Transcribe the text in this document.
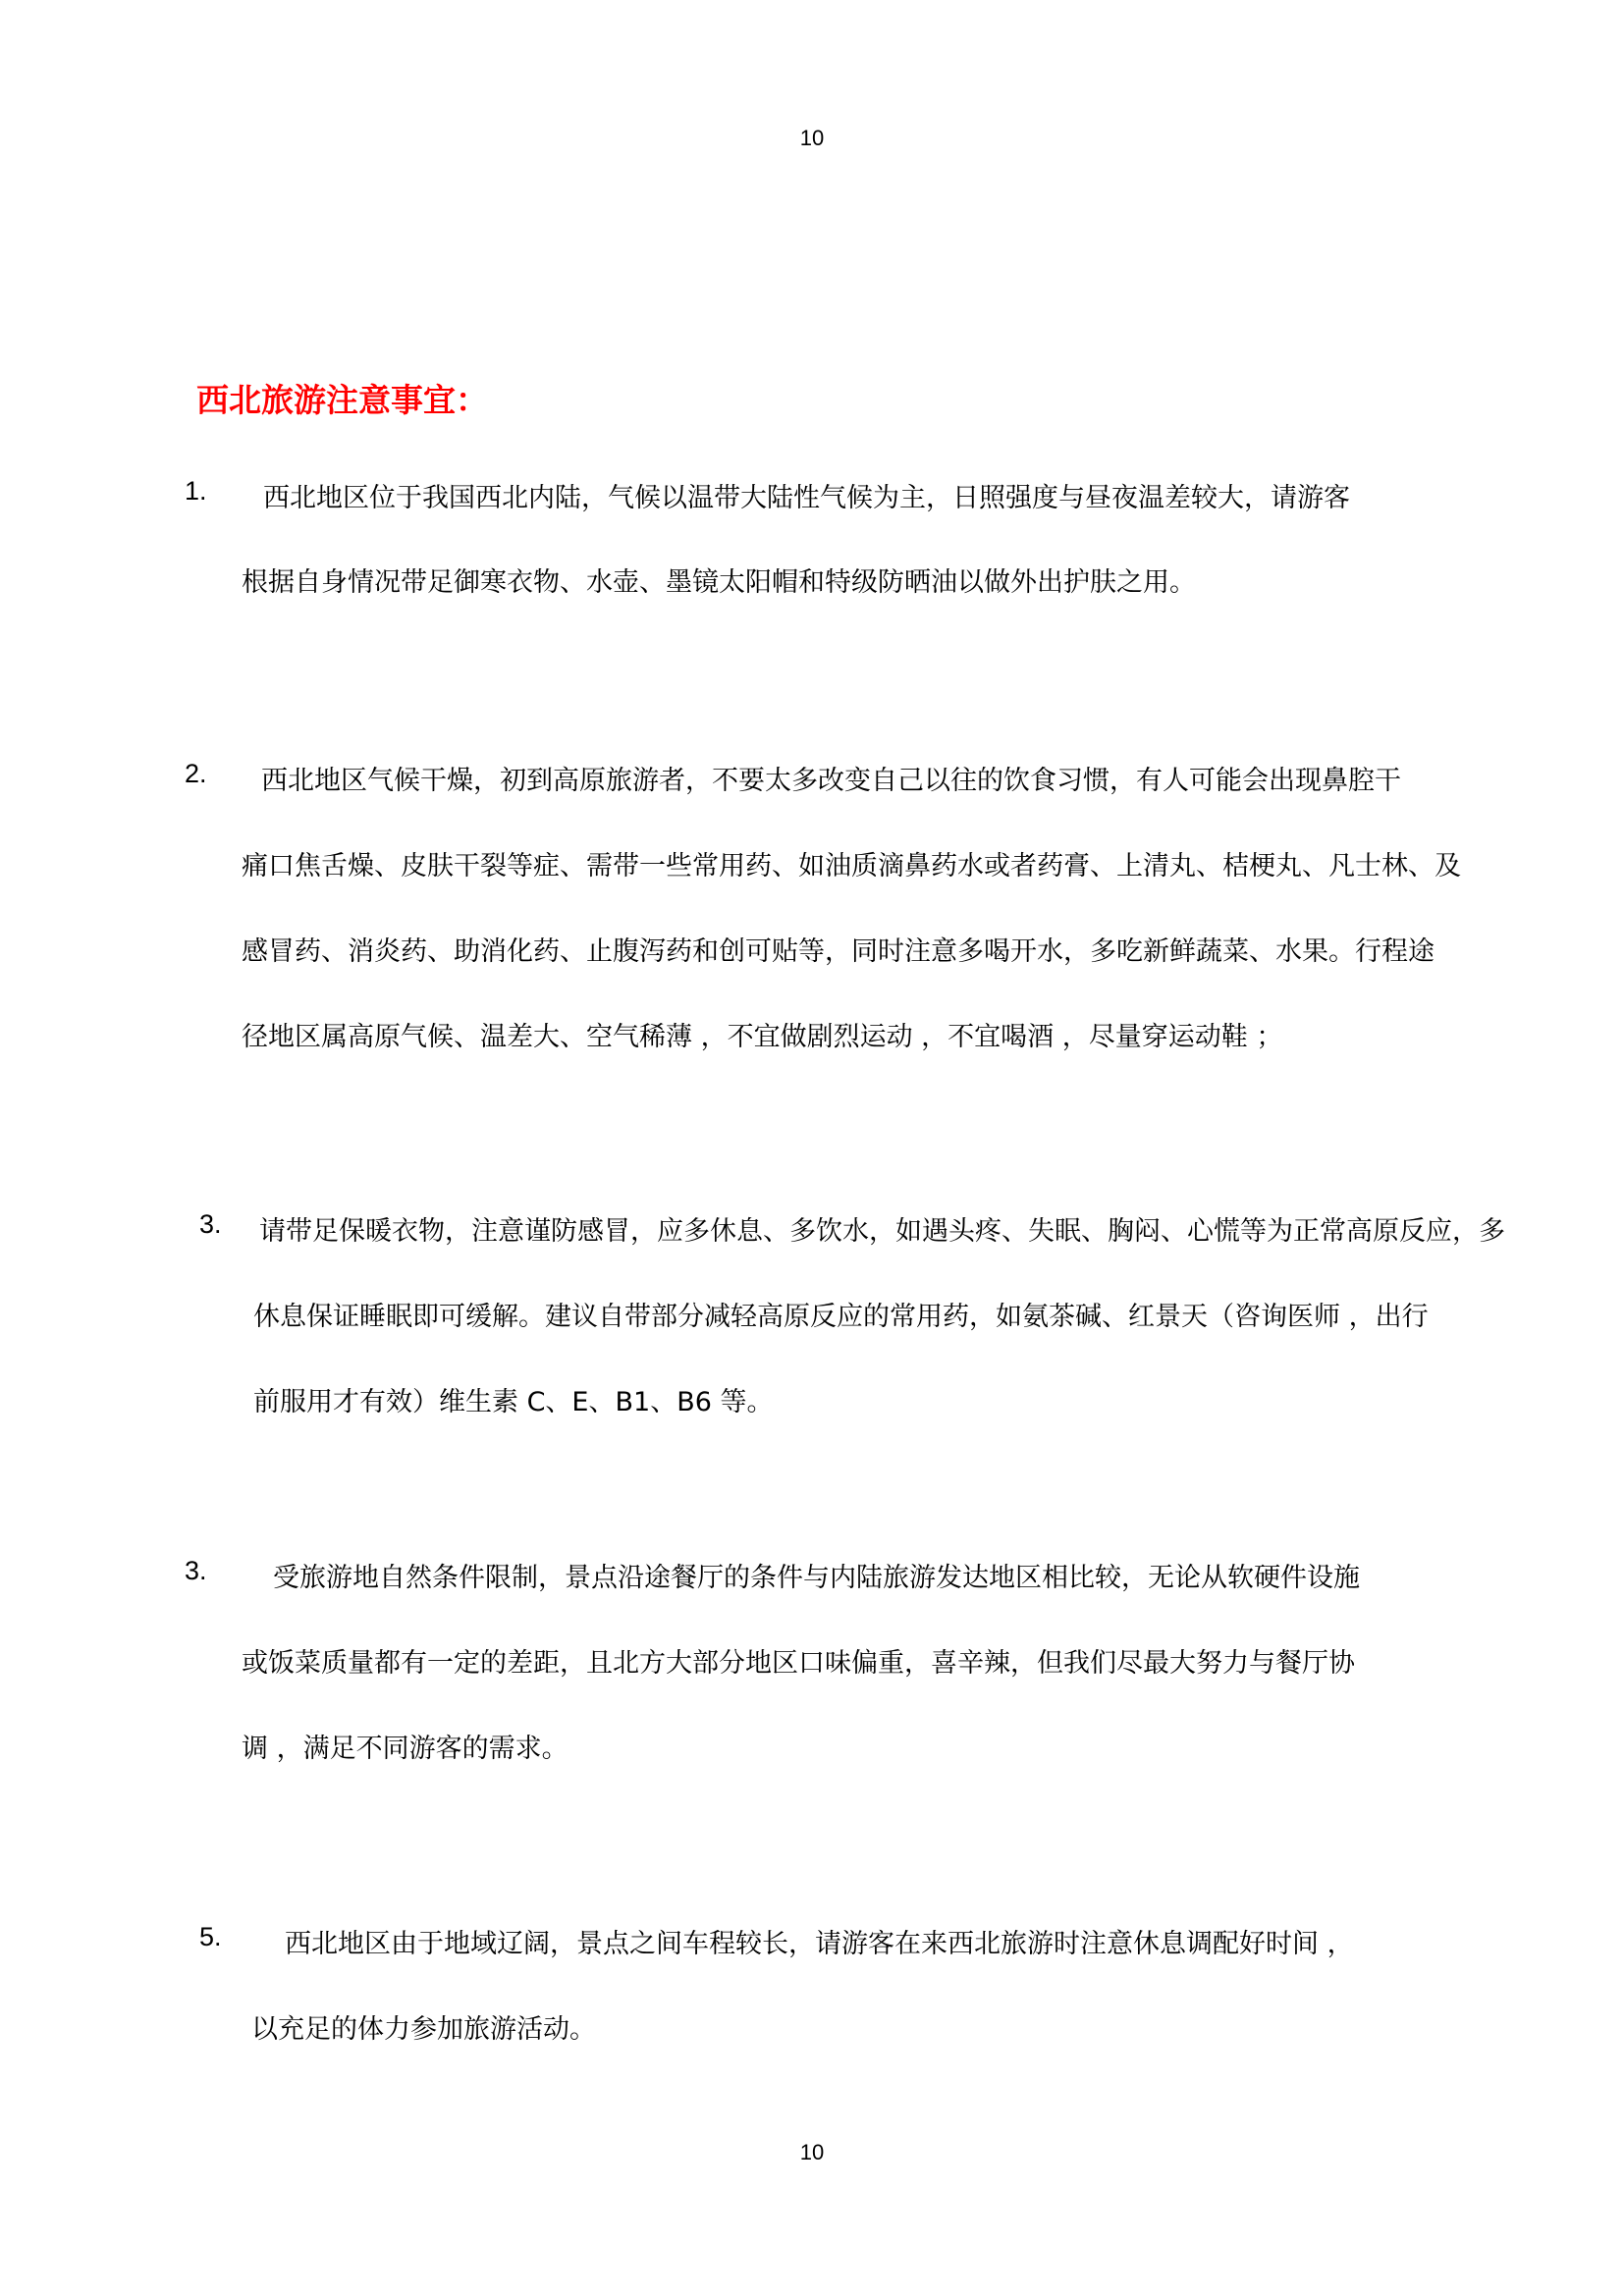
10
西北旅游注意事宜：
1. 西北地区位于我国西北内陆，气候以温带大陆性气候为主，日照强度与昼夜温差较大，请游客
根据自身情况带足御寒衣物、水壶、墨镜太阳帽和特级防晒油以做外出护肤之用。
2. 西北地区气候干燥，初到高原旅游者，不要太多改变自己以往的饮食习惯，有人可能会出现鼻腔干
痛口焦舌燥、皮肤干裂等症、需带一些常用药、如油质滴鼻药水或者药膏、上清丸、桔梗丸、凡士林、及
感冒药、消炎药、助消化药、止腹泻药和创可贴等，同时注意多喝开水，多吃新鲜蔬菜、水果。行程途
径地区属高原气候、温差大、空气稀薄 ，不宜做剧烈运动 ，不宜喝酒 ，尽量穿运动鞋 ；
3. 请带足保暖衣物，注意谨防感冒，应多休息、多饮水，如遇头疼、失眠、胸闷、心慌等为正常高原反应，多
休息保证睡眠即可缓解。建议自带部分减轻高原反应的常用药，如氨茶碱、红景天（咨询医师 ，出行
前服用才有效）维生素 C、E、B1、B6 等。
3. 受旅游地自然条件限制，景点沿途餐厅的条件与内陆旅游发达地区相比较，无论从软硬件设施
或饭菜质量都有一定的差距，且北方大部分地区口味偏重，喜辛辣，但我们尽最大努力与餐厅协
调 ，满足不同游客的需求。
5. 西北地区由于地域辽阔，景点之间车程较长，请游客在来西北旅游时注意休息调配好时间 ，
以充足的体力参加旅游活动。
10
